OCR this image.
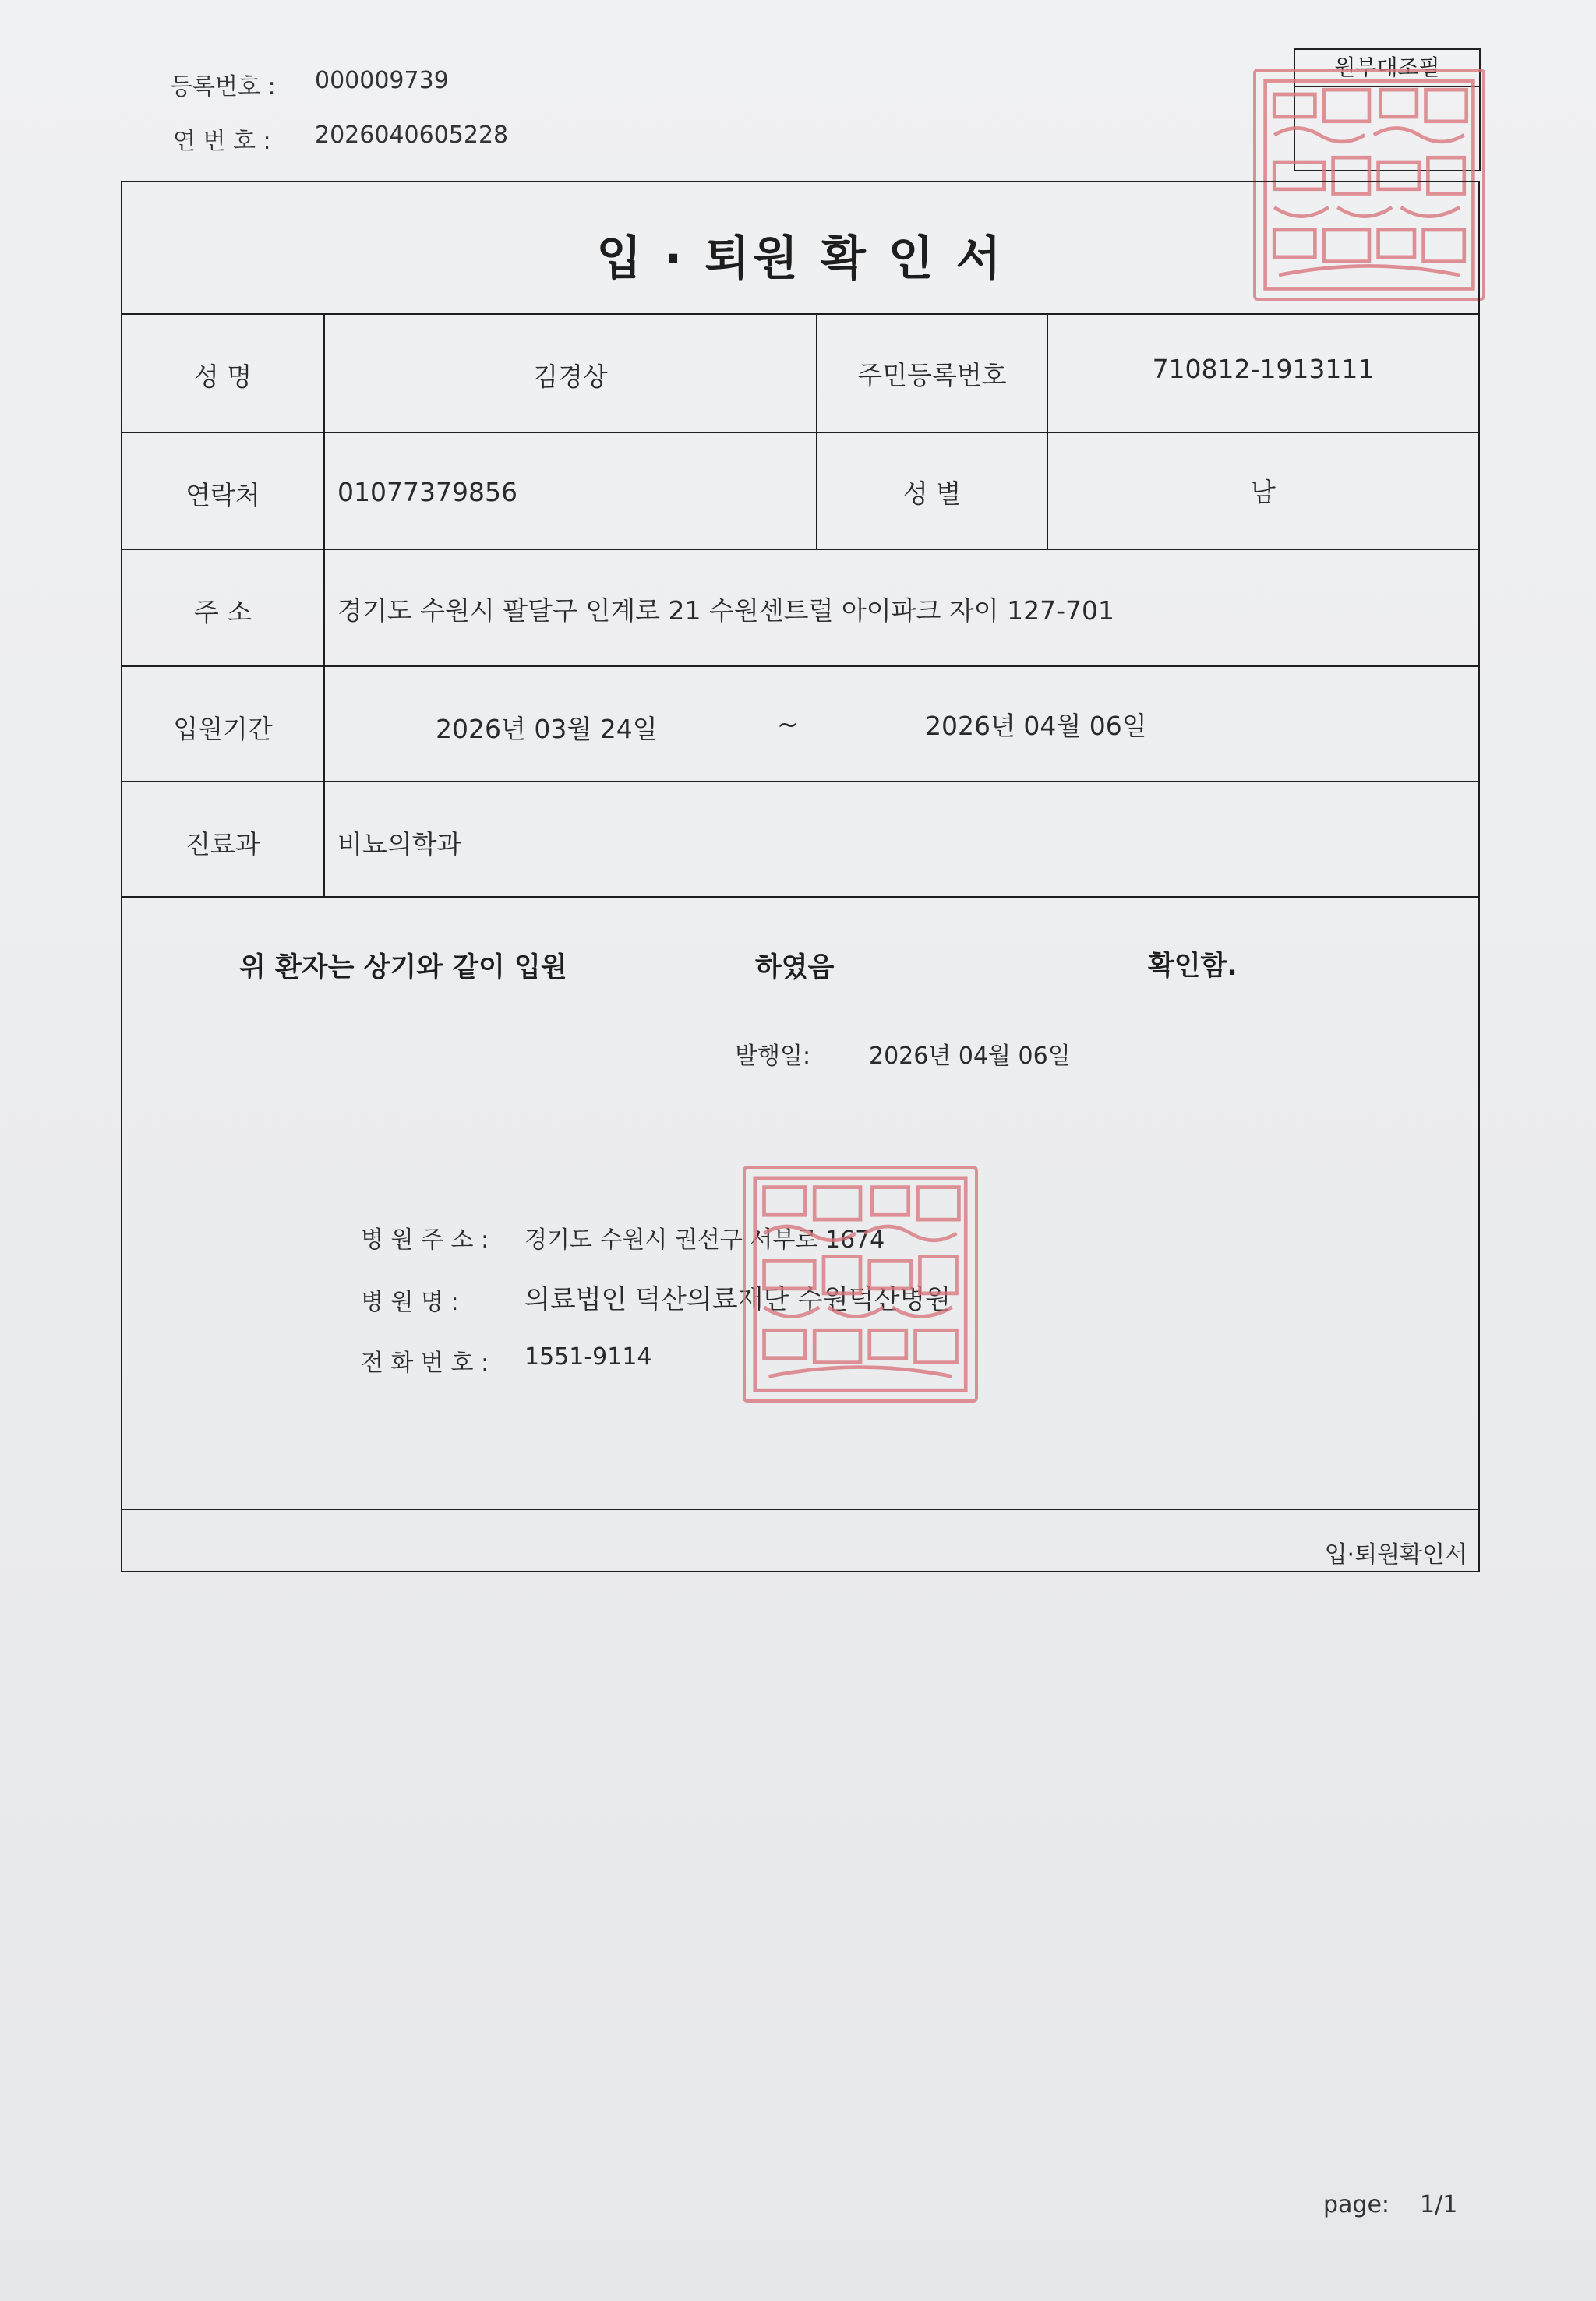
등록번호 : 000009739
연 번 호 : 2026040605228
원부대조필
입 · 퇴원 확 인 서
성 명	김경상	주민등록번호	710812-1913111
연락처	01077379856	성 별	남
주 소	경기도 수원시 팔달구 인계로 21 수원센트럴 아이파크 자이 127-701
입원기간	2026년 03월 24일	~	2026년 04월 06일
진료과	비뇨의학과
위 환자는 상기와 같이 입원	하였음	확인함.
발행일: 2026년 04월 06일
병 원 주 소 : 경기도 수원시 권선구 서부로 1674
병 원 명 : 의료법인 덕산의료재단 수원덕산병원
전 화 번 호 : 1551-9114
입·퇴원확인서
page: 1/1
